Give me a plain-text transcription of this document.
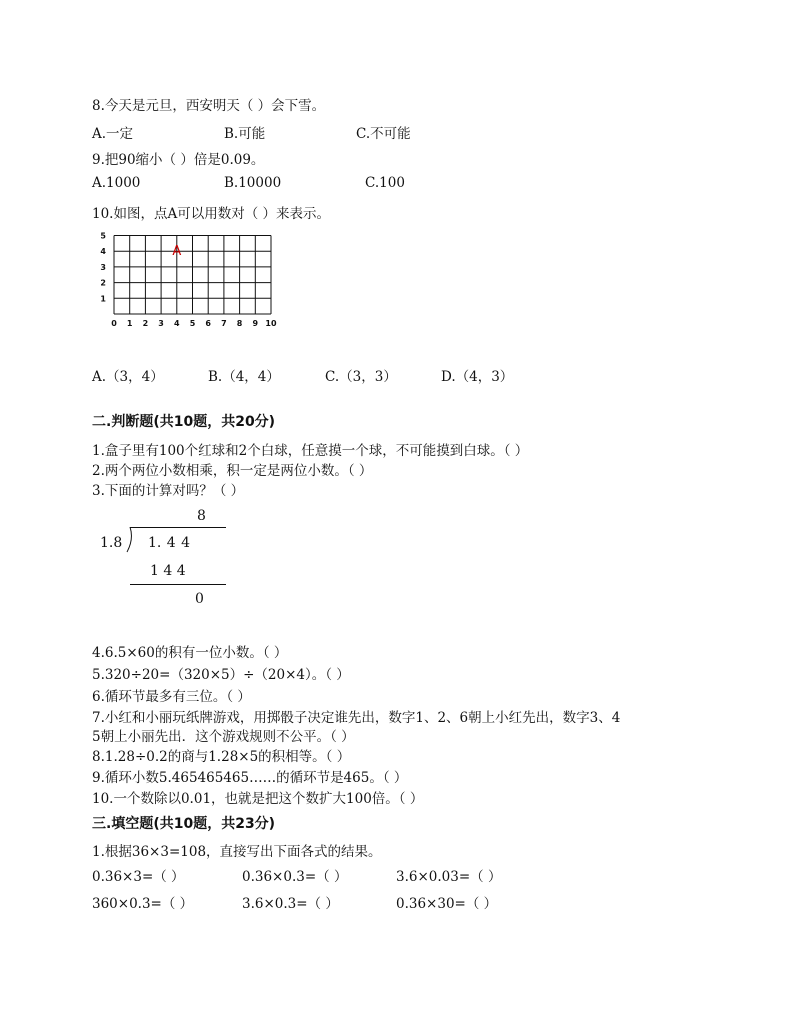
8.今天是元旦，西安明天（ ）会下雪。
A.一定	B.可能	C.不可能
9.把90缩小（ ）倍是0.09。
A.1000	B.10000	C.100
10.如图，点A可以用数对（ ）来表示。
0 1 2 3 4 5 6 7 8 9 10
1
2
3
4
5
A
A.（3，4）	B.（4，4）	C.（3，3）	D.（4，3）
二.判断题(共10题，共20分)
1.盒子里有100个红球和2个白球，任意摸一个球，不可能摸到白球。（ ）
2.两个两位小数相乘，积一定是两位小数。（ ）
3.下面的计算对吗？（ ）
8
1.8 1. 4 4
1 4 4
0
4.6.5×60的积有一位小数。（ ）
5.320÷20=（320×5）÷（20×4）。（ ）
6.循环节最多有三位。（ ）
7.小红和小丽玩纸牌游戏，用掷骰子决定谁先出，数字1、2、6朝上小红先出，数字3、4
5朝上小丽先出．这个游戏规则不公平。（ ）
8.1.28÷0.2的商与1.28×5的积相等。（ ）
9.循环小数5.465465465……的循环节是465。（ ）
10.一个数除以0.01，也就是把这个数扩大100倍。（ ）
三.填空题(共10题，共23分)
1.根据36×3=108，直接写出下面各式的结果。
0.36×3=（ ）	0.36×0.3=（ ）	3.6×0.03=（ ）
360×0.3=（ ）	3.6×0.3=（ ）	0.36×30=（ ）
